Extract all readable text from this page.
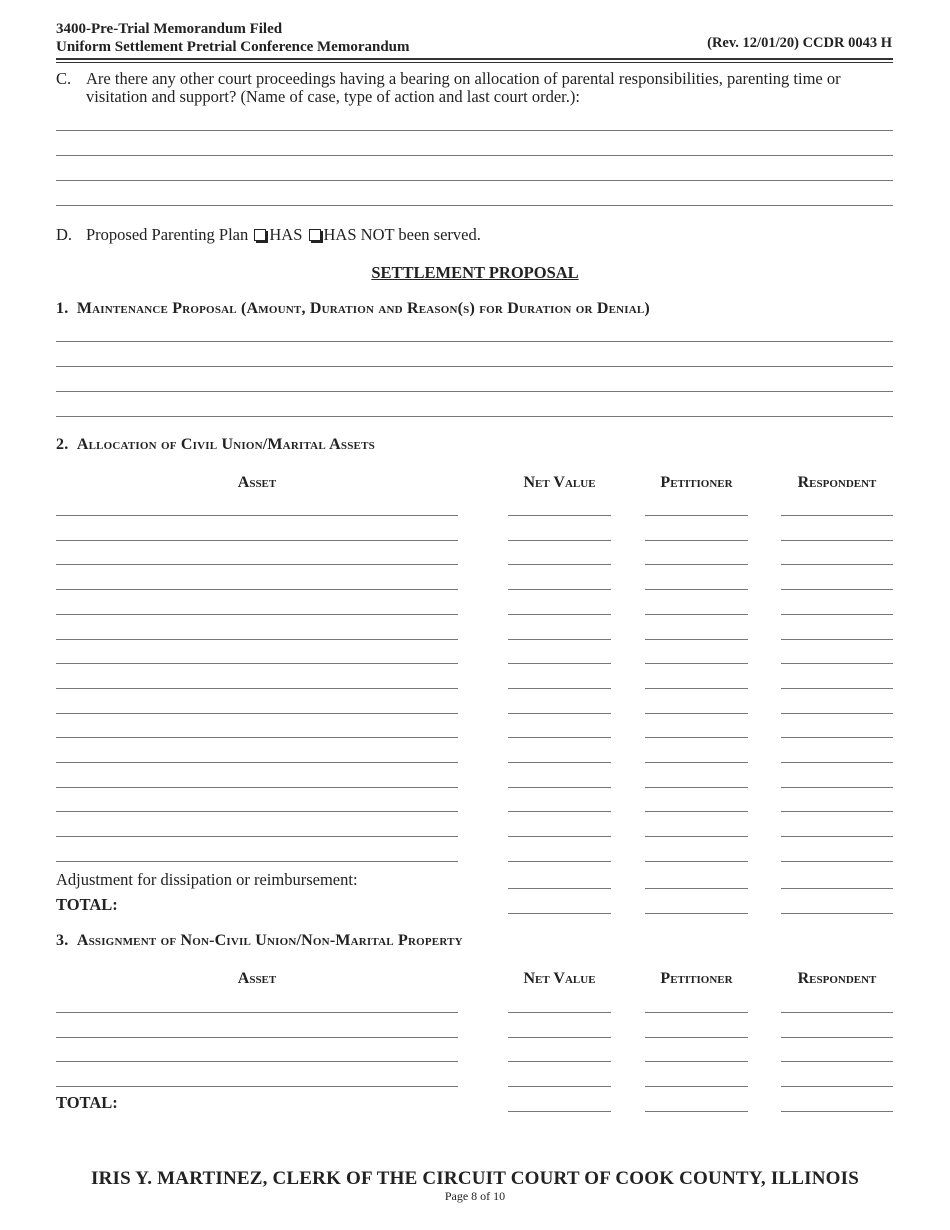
3400-Pre-Trial Memorandum Filed
Uniform Settlement Pretrial Conference Memorandum	(Rev. 12/01/20) CCDR 0043 H
C. Are there any other court proceedings having a bearing on allocation of parental responsibilities, parenting time or visitation and support? (Name of case, type of action and last court order.):
D. Proposed Parenting Plan HAS HAS NOT been served.
SETTLEMENT PROPOSAL
1. Maintenance Proposal (Amount, Duration and Reason(s) for Duration or Denial)
2. Allocation of Civil Union/Marital Assets
Asset	Net Value	Petitioner	Respondent
Adjustment for dissipation or reimbursement:
TOTAL:
3. Assignment of Non-Civil Union/Non-Marital Property
Asset	Net Value	Petitioner	Respondent
TOTAL:
IRIS Y. MARTINEZ, CLERK OF THE CIRCUIT COURT OF COOK COUNTY, ILLINOIS
Page 8 of 10
